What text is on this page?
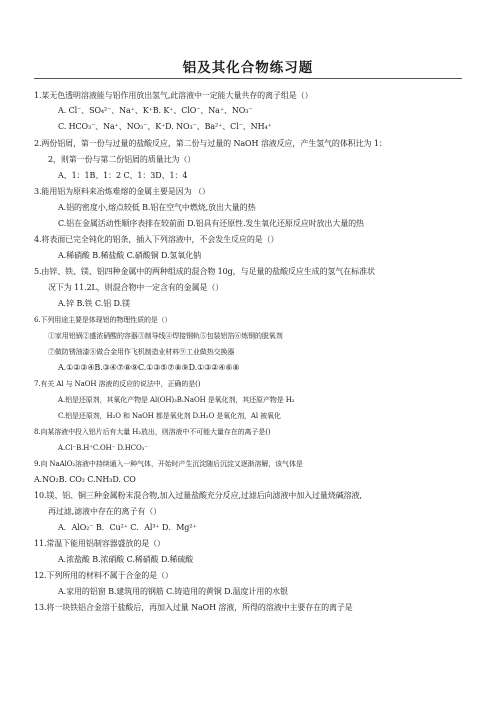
铝及其化合物练习题
1.某无色透明溶液能与铝作用放出氢气,此溶液中一定能大量共存的离子组是（）
A. Cl⁻、SO₄²⁻、Na⁺、K⁺B. K⁺、ClO⁻、Na⁺、NO₃⁻
C. HCO₃⁻、Na⁺、NO₃⁻、K⁺D. NO₃⁻、Ba²⁺、Cl⁻、NH₄⁺
2.两份铝屑，第一份与过量的盐酸反应，第二份与过量的 NaOH 溶液反应，产生氢气的体积比为 1：
2，则第一份与第二份铝屑的质量比为（）
A、1：1B、1：2 C、1：3D、1：4
3.能用铝为原料来冶炼难熔的金属主要是因为 （）
A.铝的密度小,熔点较低 B.铝在空气中燃烧,放出大量的热
C.铝在金属活动性顺序表排在较前面 D.铝具有还原性.发生氧化还原反应时放出大量的热
4.将表面已完全钝化的铝条，插入下列溶液中，不会发生反应的是（）
A.稀硝酸 B.稀盐酸 C.硝酸铜 D.氢氧化钠
5.由锌、铁、镁、铝四种金属中的两种组成的混合物 10g，与足量的盐酸反应生成的氢气在标准状
况下为 11.2L，则混合物中一定含有的金属是（）
A.锌 B.铁 C.铝 D.镁
6.下列用途主要是体现铝的物理性质的是（）
①家用铝锅②盛浓硝酸的容器③制导线④焊接钢轨⑤包装铝箔⑥炼钢的脱氧剂
⑦做防锈油漆⑧做合金用作飞机制造业材料⑨工业做热交换器
A.①②③④B.③④⑦⑧⑨C.①③⑤⑦⑧⑨D.①③②④⑥⑧
7.有关 Al 与 NaOH 溶液的反应的说法中，正确的是()
A.铝是还原剂，其氧化产物是 Al(OH)₃B.NaOH 是氧化剂，其还原产物是 H₂
C.铝是还原剂，H₂O 和 NaOH 都是氧化剂 D.H₂O 是氧化剂，Al 被氧化
8.向某溶液中投入铝片后有大量 H₂放出，则溶液中不可能大量存在的离子是()
A.Cl⁻B.H⁺C.OH⁻ D.HCO₃⁻
9.向 NaAlO₂溶液中持续通入一种气体，开始时产生沉淀随后沉淀又逐渐溶解，该气体是
A.NO₂B. CO₂ C.NH₃D. CO
10.镁、铝、铜三种金属粉末混合物,加入过量盐酸充分反应,过滤后向滤液中加入过量烧碱溶液,
再过滤,滤液中存在的离子有（）
A．AlO₂⁻ B．Cu²⁺ C．Al³⁺ D．Mg²⁺
11.常温下能用铝制容器盛放的是（）
A.浓盐酸 B.浓硝酸 C.稀硝酸 D.稀硫酸
12.下列所用的材料不属于合金的是（）
A.家用的铝窗 B.建筑用的钢筋 C.铸造用的黄铜 D.温度计用的水银
13.将一块铁铝合金溶于盐酸后，再加入过量 NaOH 溶液，所得的溶液中主要存在的离子是
